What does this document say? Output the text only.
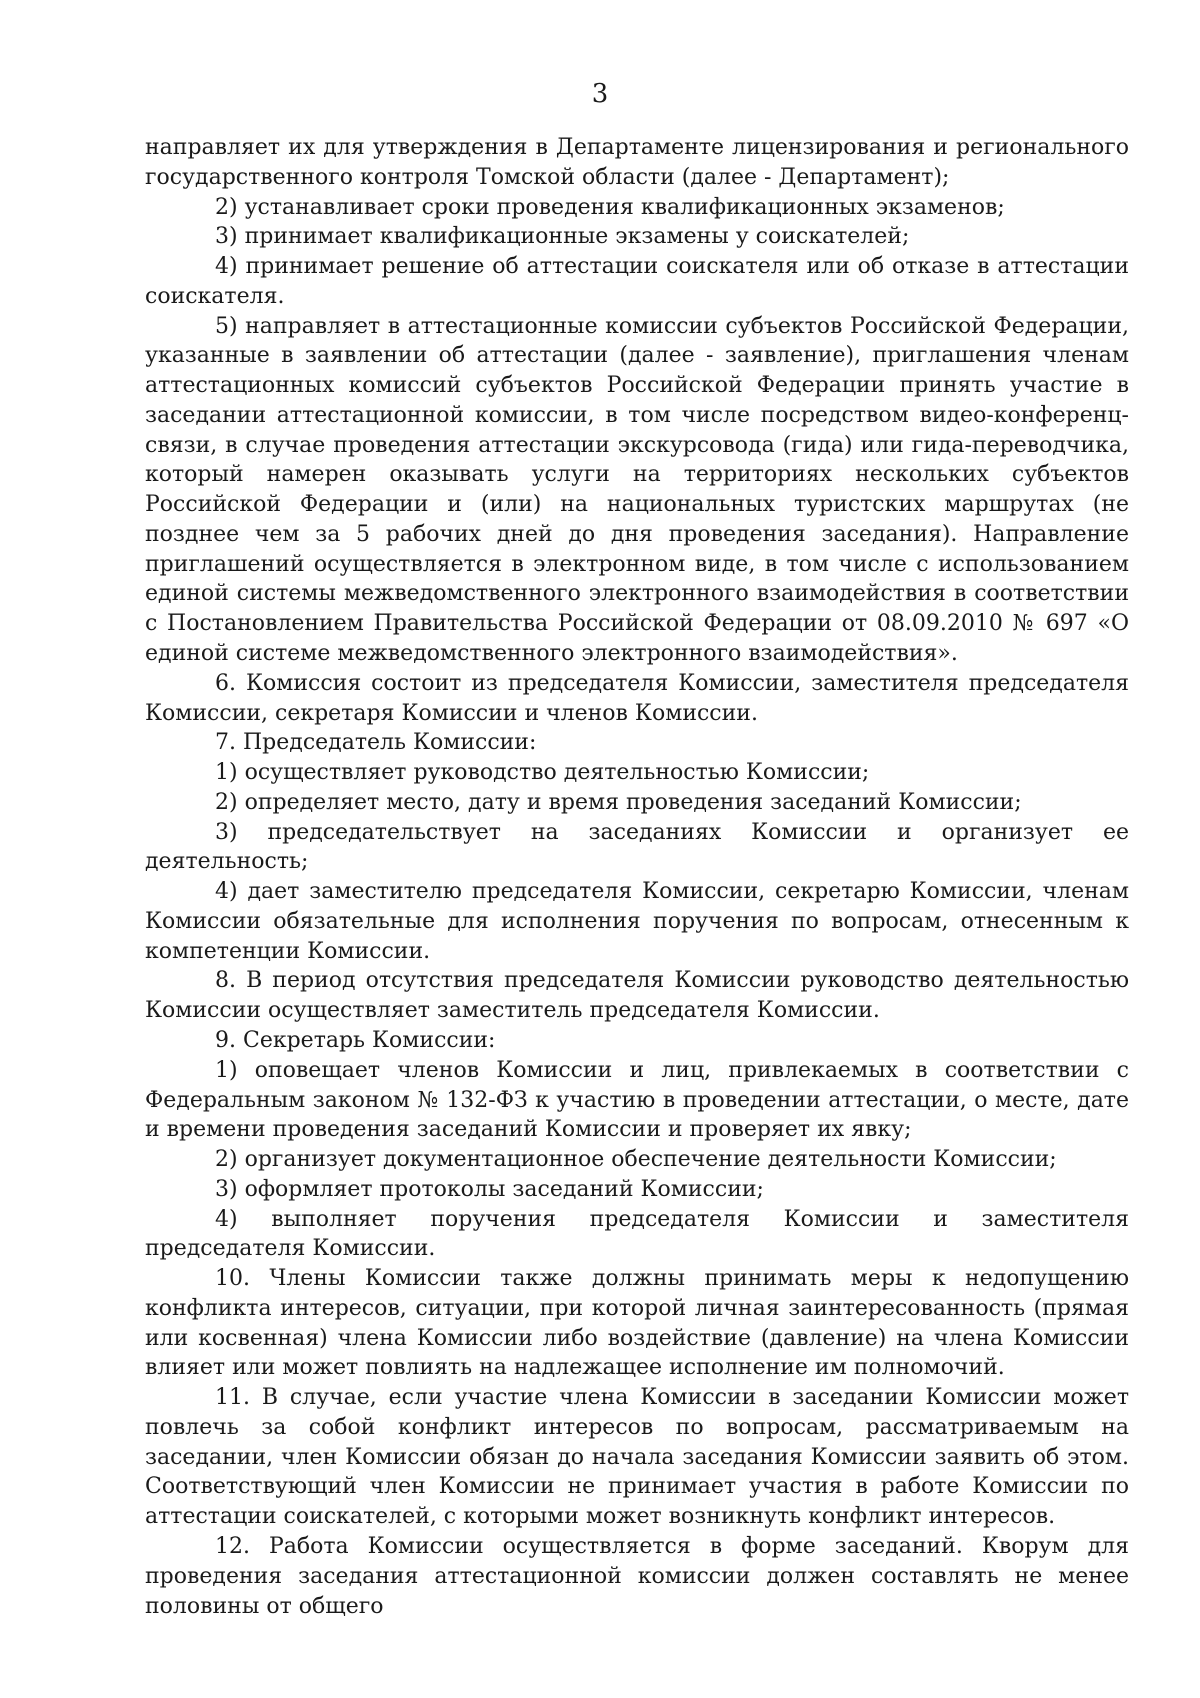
3

направляет их для утверждения в Департаменте лицензирования и регионального государственного контроля Томской области (далее - Департамент);

2) устанавливает сроки проведения квалификационных экзаменов;

3) принимает квалификационные экзамены у соискателей;

4) принимает решение об аттестации соискателя или об отказе в аттестации соискателя.

5) направляет в аттестационные комиссии субъектов Российской Федерации, указанные в заявлении об аттестации (далее - заявление), приглашения членам аттестационных комиссий субъектов Российской Федерации принять участие в заседании аттестационной комиссии, в том числе посредством видео-конференц-связи, в случае проведения аттестации экскурсовода (гида) или гида-переводчика, который намерен оказывать услуги на территориях нескольких субъектов Российской Федерации и (или) на национальных туристских маршрутах (не позднее чем за 5 рабочих дней до дня проведения заседания). Направление приглашений осуществляется в электронном виде, в том числе с использованием единой системы межведомственного электронного взаимодействия в соответствии с Постановлением Правительства Российской Федерации от 08.09.2010 № 697 «О единой системе межведомственного электронного взаимодействия».

6. Комиссия состоит из председателя Комиссии, заместителя председателя Комиссии, секретаря Комиссии и членов Комиссии.

7. Председатель Комиссии:

1) осуществляет руководство деятельностью Комиссии;

2) определяет место, дату и время проведения заседаний Комиссии;

3) председательствует на заседаниях Комиссии и организует ее деятельность;

4) дает заместителю председателя Комиссии, секретарю Комиссии, членам Комиссии обязательные для исполнения поручения по вопросам, отнесенным к компетенции Комиссии.

8. В период отсутствия председателя Комиссии руководство деятельностью Комиссии осуществляет заместитель председателя Комиссии.

9. Секретарь Комиссии:

1) оповещает членов Комиссии и лиц, привлекаемых в соответствии с Федеральным законом № 132-ФЗ к участию в проведении аттестации, о месте, дате и времени проведения заседаний Комиссии и проверяет их явку;

2) организует документационное обеспечение деятельности Комиссии;

3) оформляет протоколы заседаний Комиссии;

4) выполняет поручения председателя Комиссии и заместителя председателя Комиссии.

10. Члены Комиссии также должны принимать меры к недопущению конфликта интересов, ситуации, при которой личная заинтересованность (прямая или косвенная) члена Комиссии либо воздействие (давление) на члена Комиссии влияет или может повлиять на надлежащее исполнение им полномочий.

11. В случае, если участие члена Комиссии в заседании Комиссии может повлечь за собой конфликт интересов по вопросам, рассматриваемым на заседании, член Комиссии обязан до начала заседания Комиссии заявить об этом. Соответствующий член Комиссии не принимает участия в работе Комиссии по аттестации соискателей, с которыми может возникнуть конфликт интересов.

12. Работа Комиссии осуществляется в форме заседаний. Кворум для проведения заседания аттестационной комиссии должен составлять не менее половины от общего
